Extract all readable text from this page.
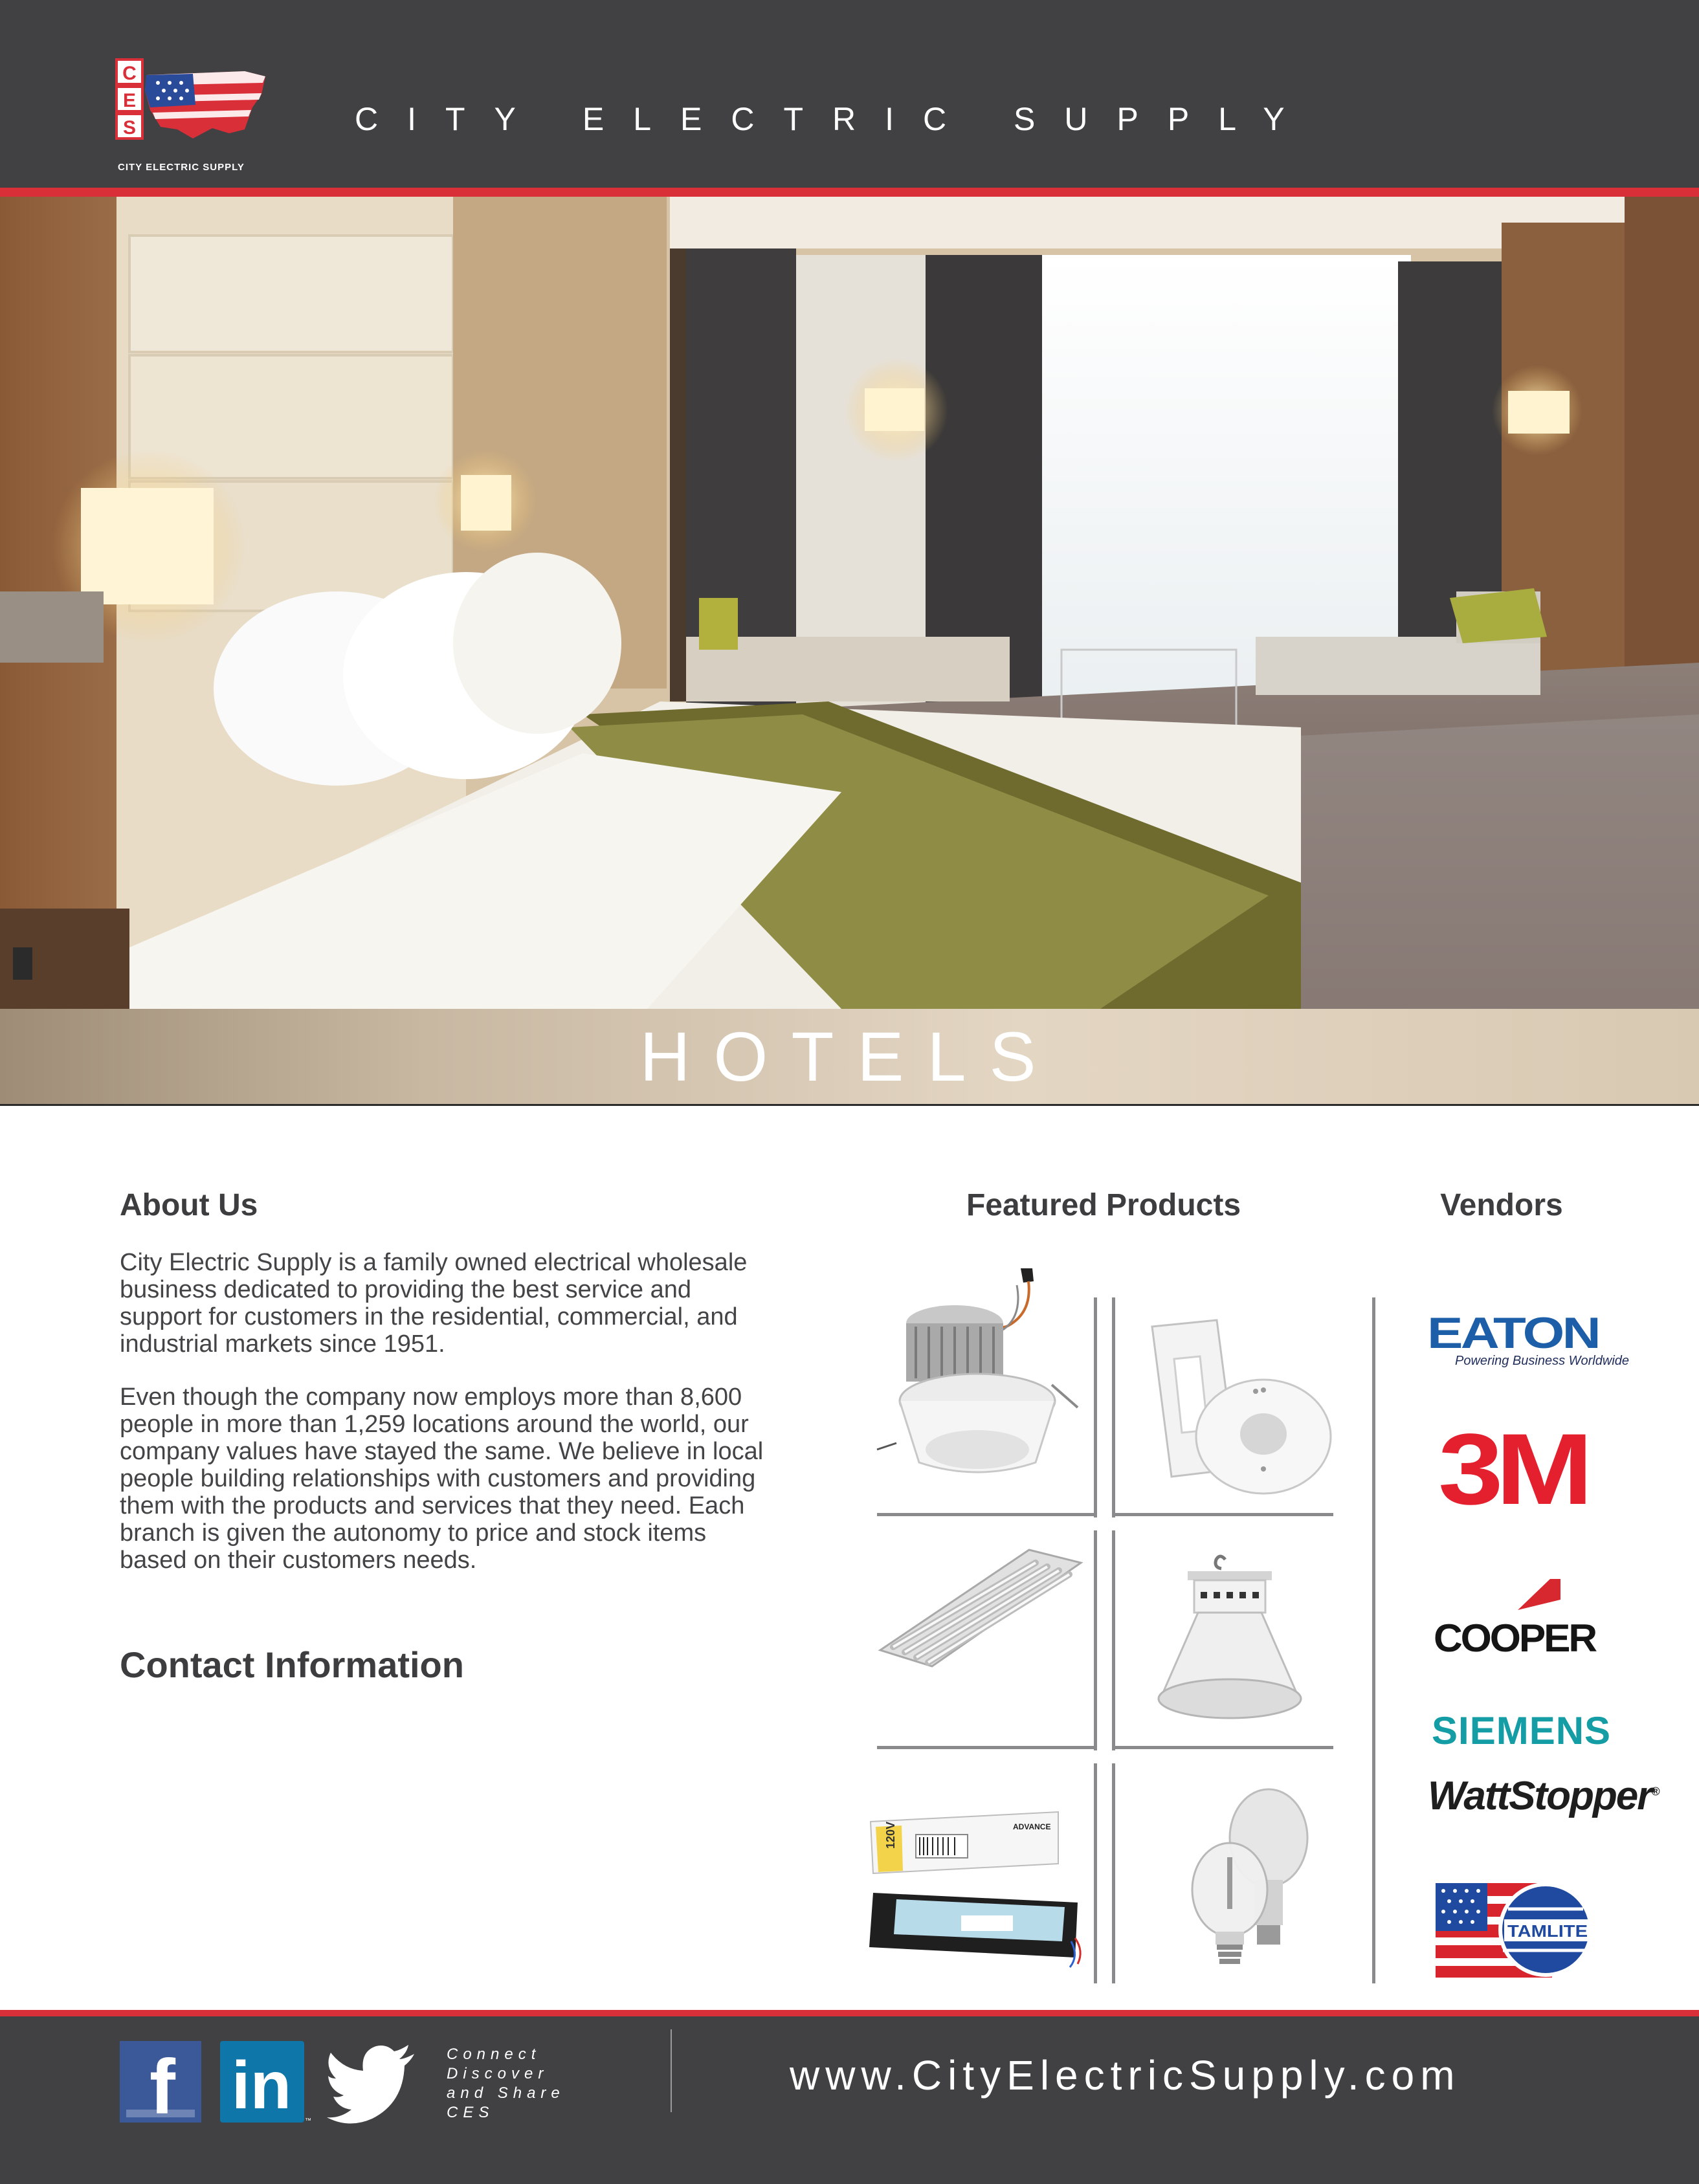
C
E
S
CITY ELECTRIC SUPPLY
CITY ELECTRIC SUPPLY
HOTELS
About Us

City Electric Supply is a family owned electrical wholesale business dedicated to providing the best service and support for customers in the residential, commercial, and industrial markets since 1951.

Even though the company now employs more than 8,600 people in more than 1,259 locations around the world, our company values have stayed the same. We believe in local people building relationships with customers and providing them with the products and services that they need. Each branch is given the autonomy to price and stock items based on their customers needs.

Contact Information
Featured Products
120V	ADVANCE
Vendors
EATON
Powering Business Worldwide
3M
COOPER
SIEMENS
WattStopper®
TAMLITE
f in ™
Connect
Discover
and Share
CES
www.CityElectricSupply.com
